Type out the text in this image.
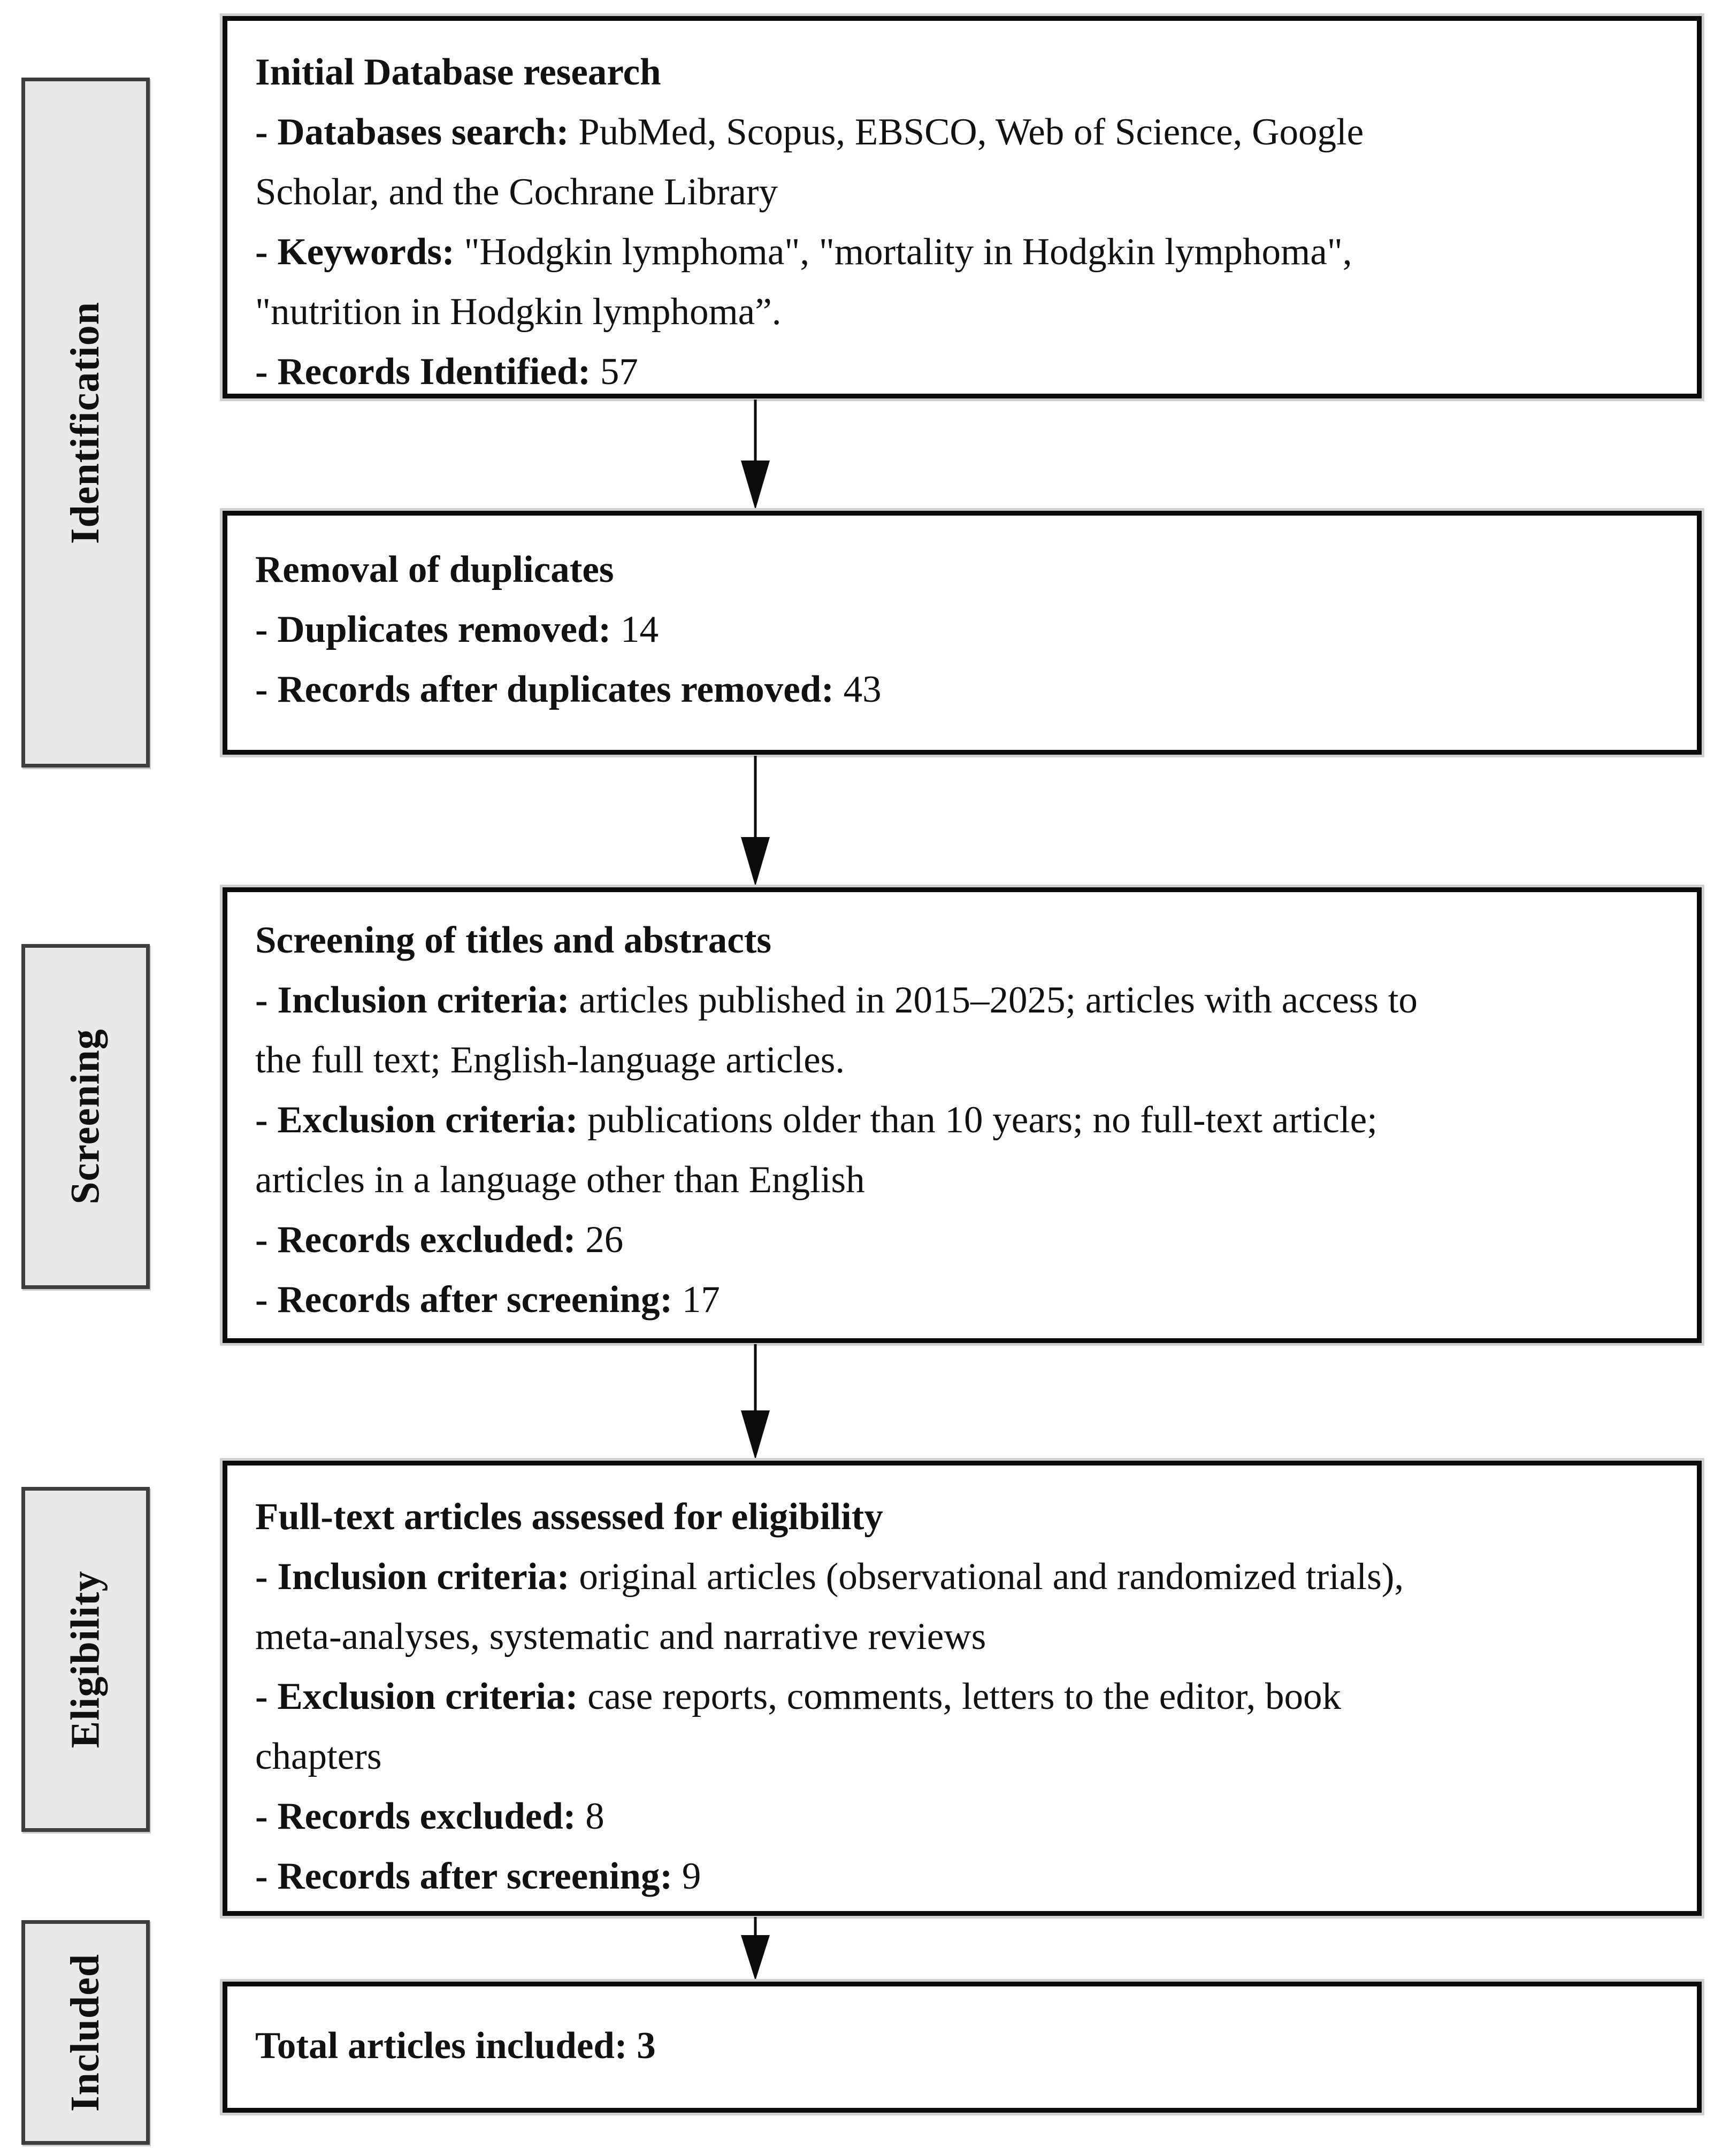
Identification
Screening
Eligibility
Included

Initial Database research

- Databases search: PubMed, Scopus, EBSCO, Web of Science, Google

Scholar, and the Cochrane Library

- Keywords: "Hodgkin lymphoma", "mortality in Hodgkin lymphoma",

"nutrition in Hodgkin lymphoma”.

- Records Identified: 57

Removal of duplicates

- Duplicates removed: 14

- Records after duplicates removed: 43

Screening of titles and abstracts

- Inclusion criteria: articles published in 2015–2025; articles with access to

the full text; English-language articles.

- Exclusion criteria: publications older than 10 years; no full-text article;

articles in a language other than English

- Records excluded: 26

- Records after screening: 17

Full-text articles assessed for eligibility

- Inclusion criteria: original articles (observational and randomized trials),

meta-analyses, systematic and narrative reviews

- Exclusion criteria: case reports, comments, letters to the editor, book

chapters

- Records excluded: 8

- Records after screening: 9

Total articles included: 3
